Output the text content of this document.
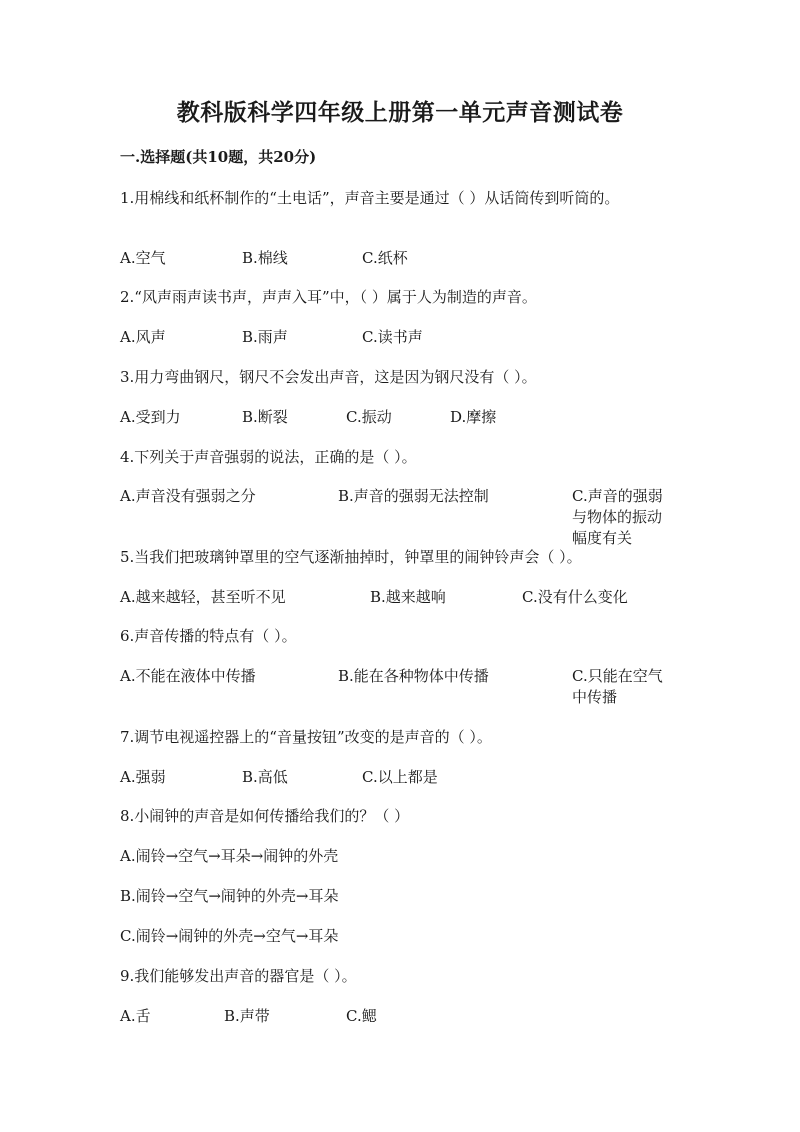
教科版科学四年级上册第一单元声音测试卷
一.选择题(共10题，共20分)
1.用棉线和纸杯制作的“土电话”，声音主要是通过（ ）从话筒传到听筒的。
A.空气	B.棉线	C.纸杯
2.“风声雨声读书声，声声入耳”中，（ ）属于人为制造的声音。
A.风声	B.雨声	C.读书声
3.用力弯曲钢尺，钢尺不会发出声音，这是因为钢尺没有（ ）。
A.受到力	B.断裂	C.振动	D.摩擦
4.下列关于声音强弱的说法，正确的是（ ）。
A.声音没有强弱之分	B.声音的强弱无法控制	C.声音的强弱与物体的振动幅度有关
5.当我们把玻璃钟罩里的空气逐渐抽掉时，钟罩里的闹钟铃声会（ ）。
A.越来越轻，甚至听不见	B.越来越响	C.没有什么变化
6.声音传播的特点有（ ）。
A.不能在液体中传播	B.能在各种物体中传播	C.只能在空气中传播
7.调节电视遥控器上的“音量按钮”改变的是声音的（ ）。
A.强弱	B.高低	C.以上都是
8.小闹钟的声音是如何传播给我们的？（ ）
A.闹铃→空气→耳朵→闹钟的外壳
B.闹铃→空气→闹钟的外壳→耳朵
C.闹铃→闹钟的外壳→空气→耳朵
9.我们能够发出声音的器官是（ ）。
A.舌	B.声带	C.鳃
